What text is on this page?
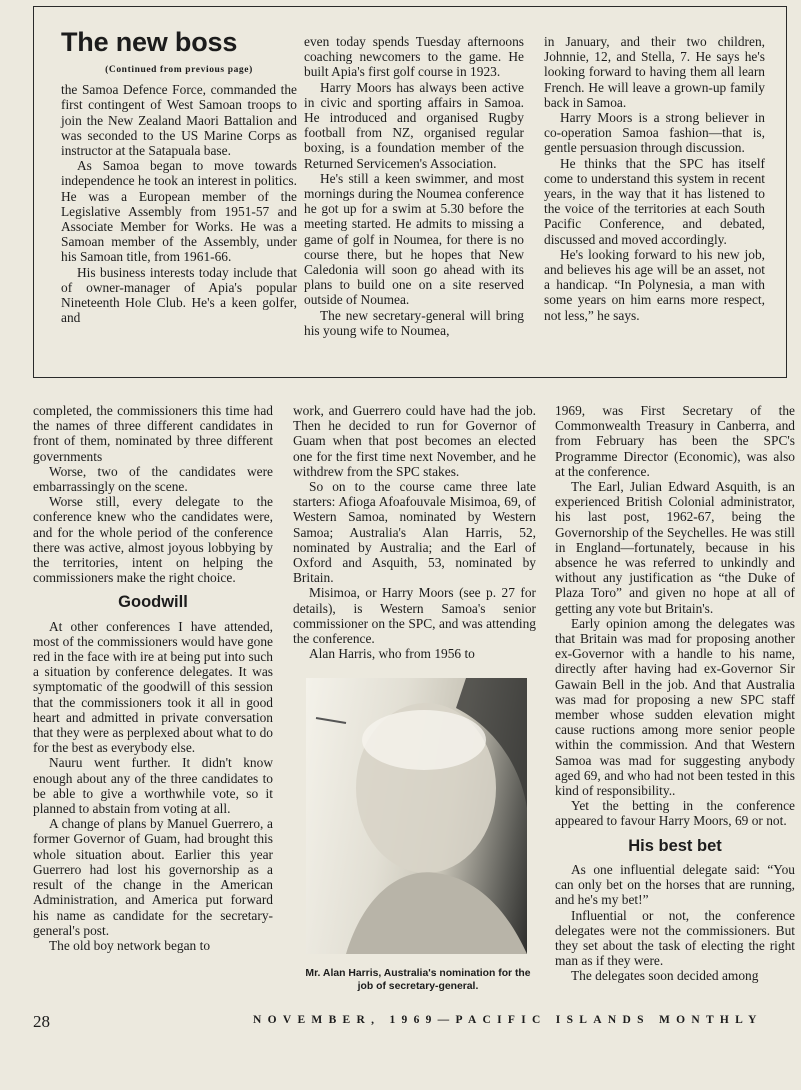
The new boss
(Continued from previous page)

the Samoa Defence Force, commanded the first contingent of West Samoan troops to join the New Zealand Maori Battalion and was seconded to the US Marine Corps as instructor at the Satapuala base.

As Samoa began to move towards independence he took an interest in politics. He was a European member of the Legislative Assembly from 1951-57 and Associate Member for Works. He was a Samoan member of the Assembly, under his Samoan title, from 1961-66.

His business interests today include that of owner-manager of Apia's popular Nineteenth Hole Club. He's a keen golfer, and

even today spends Tuesday afternoons coaching newcomers to the game. He built Apia's first golf course in 1923.

Harry Moors has always been active in civic and sporting affairs in Samoa. He introduced and organised Rugby football from NZ, organised regular boxing, is a foundation member of the Returned Servicemen's Association.

He's still a keen swimmer, and most mornings during the Noumea conference he got up for a swim at 5.30 before the meeting started. He admits to missing a game of golf in Noumea, for there is no course there, but he hopes that New Caledonia will soon go ahead with its plans to build one on a site reserved outside of Noumea.

The new secretary-general will bring his young wife to Noumea,

in January, and their two children, Johnnie, 12, and Stella, 7. He says he's looking forward to having them all learn French. He will leave a grown-up family back in Samoa.

Harry Moors is a strong believer in co-operation Samoa fashion—that is, gentle persuasion through discussion.

He thinks that the SPC has itself come to understand this system in recent years, in the way that it has listened to the voice of the territories at each South Pacific Conference, and debated, discussed and moved accordingly.

He's looking forward to his new job, and believes his age will be an asset, not a handicap. “In Polynesia, a man with some years on him earns more respect, not less,” he says.

completed, the commissioners this time had the names of three different candidates in front of them, nominated by three different governments

Worse, two of the candidates were embarrassingly on the scene.

Worse still, every delegate to the conference knew who the candidates were, and for the whole period of the conference there was active, almost joyous lobbying by the territories, intent on helping the commissioners make the right choice.

Goodwill

At other conferences I have attended, most of the commissioners would have gone red in the face with ire at being put into such a situation by conference delegates. It was symptomatic of the goodwill of this session that the commissioners took it all in good heart and admitted in private conversation that they were as perplexed about what to do for the best as everybody else.

Nauru went further. It didn't know enough about any of the three candidates to be able to give a worthwhile vote, so it planned to abstain from voting at all.

A change of plans by Manuel Guerrero, a former Governor of Guam, had brought this whole situation about. Earlier this year Guerrero had lost his governorship as a result of the change in the American Administration, and America put forward his name as candidate for the secretary-general's post.

The old boy network began to

work, and Guerrero could have had the job. Then he decided to run for Governor of Guam when that post becomes an elected one for the first time next November, and he withdrew from the SPC stakes.

So on to the course came three late starters: Afioga Afoafouvale Misimoa, 69, of Western Samoa, nominated by Western Samoa; Australia's Alan Harris, 52, nominated by Australia; and the Earl of Oxford and Asquith, 53, nominated by Britain.

Misimoa, or Harry Moors (see p. 27 for details), is Western Samoa's senior commissioner on the SPC, and was attending the conference.

Alan Harris, who from 1956 to

Mr. Alan Harris, Australia's nomination for the job of secretary-general.

1969, was First Secretary of the Commonwealth Treasury in Canberra, and from February has been the SPC's Programme Director (Economic), was also at the conference.

The Earl, Julian Edward Asquith, is an experienced British Colonial administrator, his last post, 1962-67, being the Governorship of the Seychelles. He was still in England—fortunately, because in his absence he was referred to unkindly and without any justification as “the Duke of Plaza Toro” and given no hope at all of getting any vote but Britain's.

Early opinion among the delegates was that Britain was mad for proposing another ex-Governor with a handle to his name, directly after having had ex-Governor Sir Gawain Bell in the job. And that Australia was mad for proposing a new SPC staff member whose sudden elevation might cause ructions among more senior people within the commission. And that Western Samoa was mad for suggesting anybody aged 69, and who had not been tested in this kind of responsibility..

Yet the betting in the conference appeared to favour Harry Moors, 69 or not.

His best bet

As one influential delegate said: “You can only bet on the horses that are running, and he's my bet!”

Influential or not, the conference delegates were not the commissioners. But they set about the task of electing the right man as if they were.

The delegates soon decided among

28	NOVEMBER, 1969—PACIFIC ISLANDS MONTHLY
